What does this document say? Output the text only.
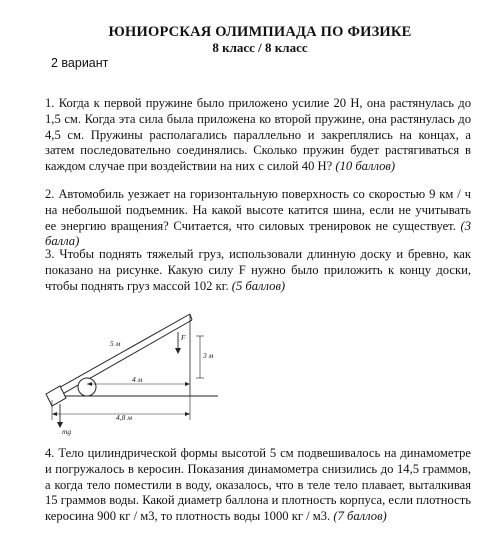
ЮНИОРСКАЯ ОЛИМПИАДА ПО ФИЗИКЕ
8 класс / 8 класс
2 вариант
1. Когда к первой пружине было приложено усилие 20 Н, она растянулась до 1,5 см. Когда эта сила была приложена ко второй пружине, она растянулась до 4,5 см. Пружины располагались параллельно и закреплялись на концах, а затем последовательно соединялись. Сколько пружин будет растягиваться в каждом случае при воздействии на них с силой 40 Н? (10 баллов)
2. Автомобиль уезжает на горизонтальную поверхность со скоростью 9 км / ч на небольшой подъемник. На какой высоте катится шина, если не учитывать ее энергию вращения? Считается, что силовых тренировок не существует. (3 балла)
3. Чтобы поднять тяжелый груз, использовали длинную доску и бревно, как показано на рисунке. Какую силу F нужно было приложить к концу доски, чтобы поднять груз массой 102 кг. (5 баллов)
3 м
F
5 м
4 м
4,8 м
mg
4. Тело цилиндрической формы высотой 5 см подвешивалось на динамометре и погружалось в керосин. Показания динамометра снизились до 14,5 граммов, а когда тело поместили в воду, оказалось, что в теле тело плавает, выталкивая 15 граммов воды. Какой диаметр баллона и плотность корпуса, если плотность керосина 900 кг / м3, то плотность воды 1000 кг / м3. (7 баллов)
